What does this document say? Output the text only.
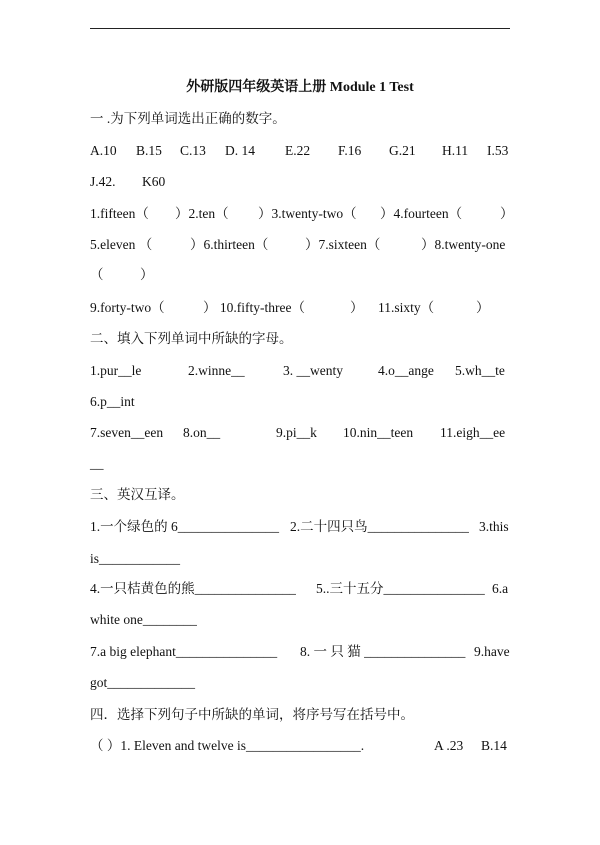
外研版四年级英语上册 Module 1 Test
一 .为下列单词选出正确的数字。
A.10 B.15 C.13 D. 14 E.22 F.16 G.21 H.11 I.53
J.42. K60
1.fifteen（ ）2.ten（ ）3.twenty-two（ ）4.fourteen（	）
5.eleven （	）6.thirteen（	）7.sixteen（	）8.twenty-one
（	）
9.forty-two（	） 10.fifty-three（	） 11.sixty（	）
二、填入下列单词中所缺的字母。
1.pur__le	2.winne__	3. __wenty	4.o__ange 5.wh__te
6.p__int
7.seven__een 8.on__	9.pi__k 10.nin__teen 11.eigh__ee
__
三、英汉互译。
1.一个绿色的 6_______________ 2.二十四只鸟_______________ 3.this
is____________
4.一只桔黄色的熊_______________ 5..三十五分_______________ 6.a
white one________
7.a big elephant_______________ 8. 一 只 猫 _______________ 9.have
got_____________
四．选择下列句子中所缺的单词，将序号写在括号中。
（ ）1. Eleven and twelve is_________________.	A .23 B.14
